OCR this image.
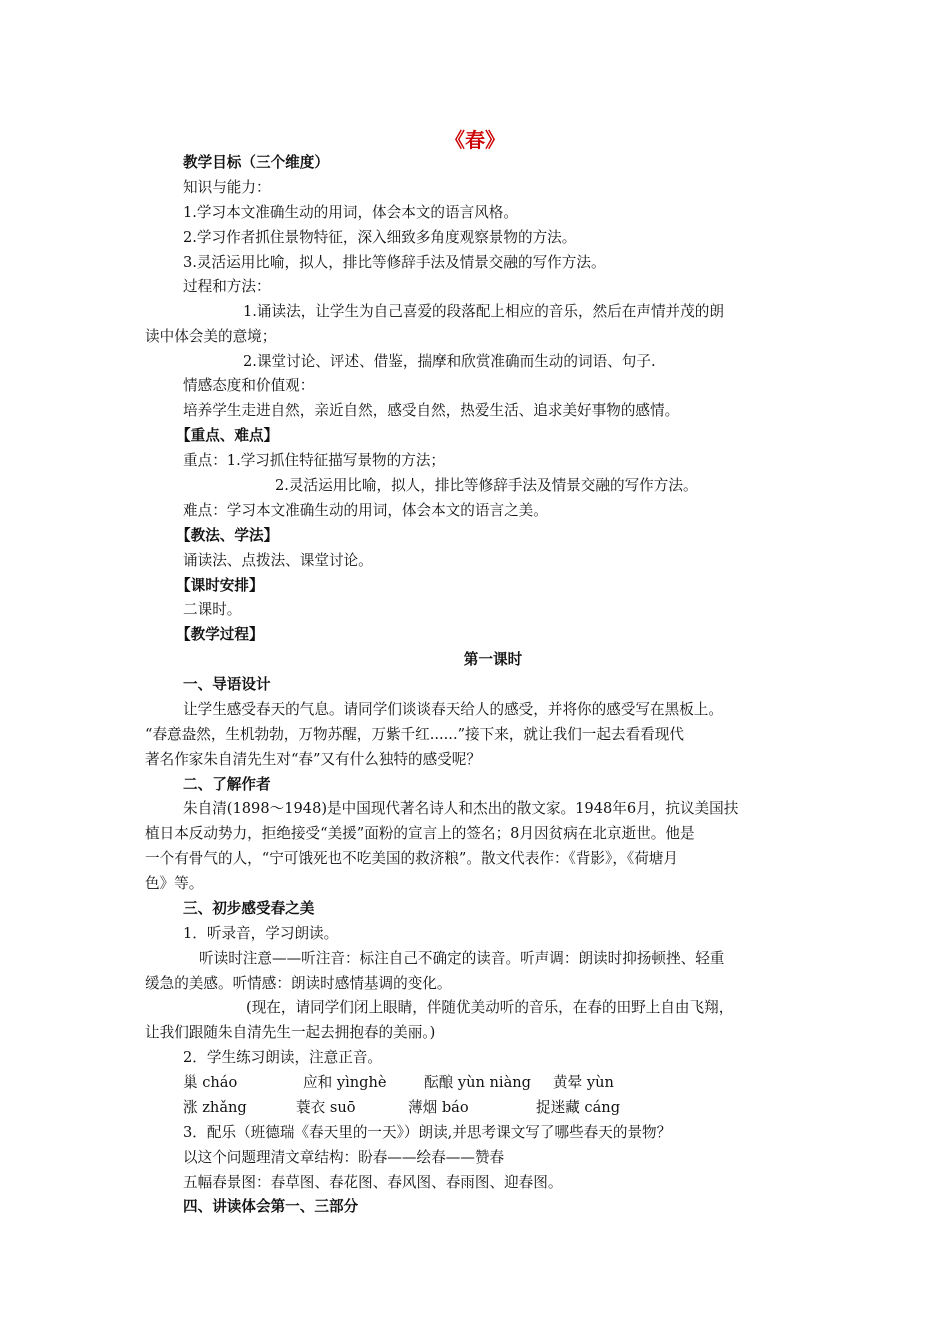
《春》
教学目标（三个维度）
知识与能力：
1.学习本文准确生动的用词，体会本文的语言风格。
2.学习作者抓住景物特征，深入细致多角度观察景物的方法。
3.灵活运用比喻，拟人，排比等修辞手法及情景交融的写作方法。
过程和方法：
1.诵读法，让学生为自己喜爱的段落配上相应的音乐，然后在声情并茂的朗
读中体会美的意境；
2.课堂讨论、评述、借鉴，揣摩和欣赏准确而生动的词语、句子.
情感态度和价值观：
培养学生走进自然，亲近自然，感受自然，热爱生活、追求美好事物的感情。
【重点、难点】
重点：1.学习抓住特征描写景物的方法；
2.灵活运用比喻，拟人，排比等修辞手法及情景交融的写作方法。
难点：学习本文准确生动的用词，体会本文的语言之美。
【教法、学法】
诵读法、点拨法、课堂讨论。
【课时安排】
二课时。
【教学过程】
第一课时
一、导语设计
让学生感受春天的气息。请同学们谈谈春天给人的感受，并将你的感受写在黑板上。
“春意盎然，生机勃勃，万物苏醒，万紫千红......”接下来，就让我们一起去看看现代
著名作家朱自清先生对“春”又有什么独特的感受呢？
二、了解作者
朱自清(1898～1948)是中国现代著名诗人和杰出的散文家。1948年6月，抗议美国扶
植日本反动势力，拒绝接受“美援”面粉的宣言上的签名；8月因贫病在北京逝世。他是
一个有骨气的人，“宁可饿死也不吃美国的救济粮”。散文代表作：《背影》，《荷塘月
色》等。
三、初步感受春之美
1．听录音，学习朗读。
听读时注意——听注音：标注自己不确定的读音。听声调：朗读时抑扬顿挫、轻重
缓急的美感。听情感：朗读时感情基调的变化。
(现在，请同学们闭上眼睛，伴随优美动听的音乐，在春的田野上自由飞翔，
让我们跟随朱自清先生一起去拥抱春的美丽。)
2．学生练习朗读，注意正音。
巢 cháo	应和 yìnghè	酝酿 yùn niàng 黄晕 yùn
涨 zhǎng	蓑衣 suō	薄烟 báo	捉迷藏 cáng
3．配乐（班德瑞《春天里的一天》）朗读,并思考课文写了哪些春天的景物？
以这个问题理清文章结构：盼春——绘春——赞春
五幅春景图：春草图、春花图、春风图、春雨图、迎春图。
四、讲读体会第一、三部分
